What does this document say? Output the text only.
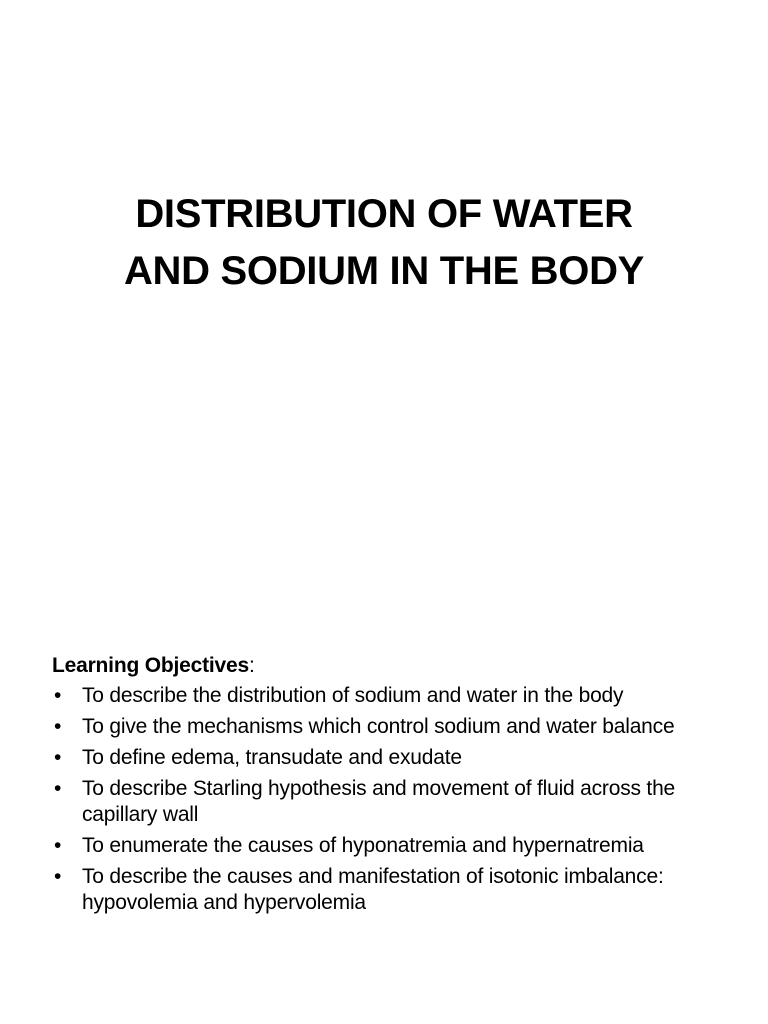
DISTRIBUTION OF WATER
AND SODIUM IN THE BODY

Learning Objectives:

• To describe the distribution of sodium and water in the body
• To give the mechanisms which control sodium and water balance
• To define edema, transudate and exudate
• To describe Starling hypothesis and movement of fluid across the capillary wall
• To enumerate the causes of hyponatremia and hypernatremia
• To describe the causes and manifestation of isotonic imbalance: hypovolemia and hypervolemia
